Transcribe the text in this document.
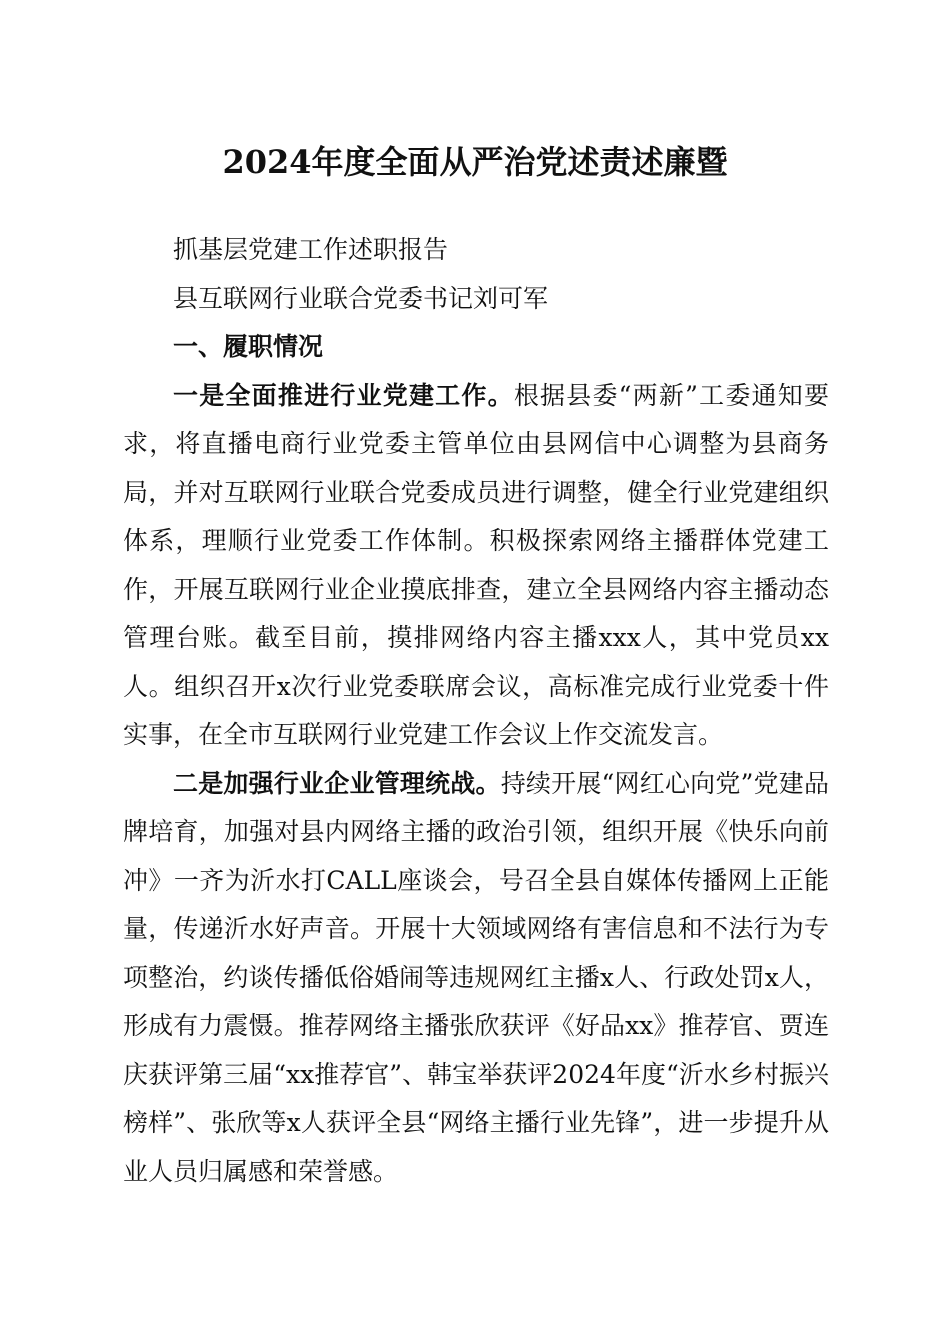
2024年度全面从严治党述责述廉暨

抓基层党建工作述职报告

县互联网行业联合党委书记刘可军

一、履职情况

一是全面推进行业党建工作。根据县委“两新”工委通知要求，将直播电商行业党委主管单位由县网信中心调整为县商务局，并对互联网行业联合党委成员进行调整，健全行业党建组织体系，理顺行业党委工作体制。积极探索网络主播群体党建工作，开展互联网行业企业摸底排查，建立全县网络内容主播动态管理台账。截至目前，摸排网络内容主播xxx人，其中党员xx人。组织召开x次行业党委联席会议，高标准完成行业党委十件实事，在全市互联网行业党建工作会议上作交流发言。

二是加强行业企业管理统战。持续开展“网红心向党”党建品牌培育，加强对县内网络主播的政治引领，组织开展《快乐向前冲》一齐为沂水打CALL座谈会，号召全县自媒体传播网上正能量，传递沂水好声音。开展十大领域网络有害信息和不法行为专项整治，约谈传播低俗婚闹等违规网红主播x人、行政处罚x人，形成有力震慑。推荐网络主播张欣获评《好品xx》推荐官、贾连庆获评第三届“xx推荐官”、韩宝举获评2024年度“沂水乡村振兴榜样”、张欣等x人获评全县“网络主播行业先锋”，进一步提升从业人员归属感和荣誉感。
